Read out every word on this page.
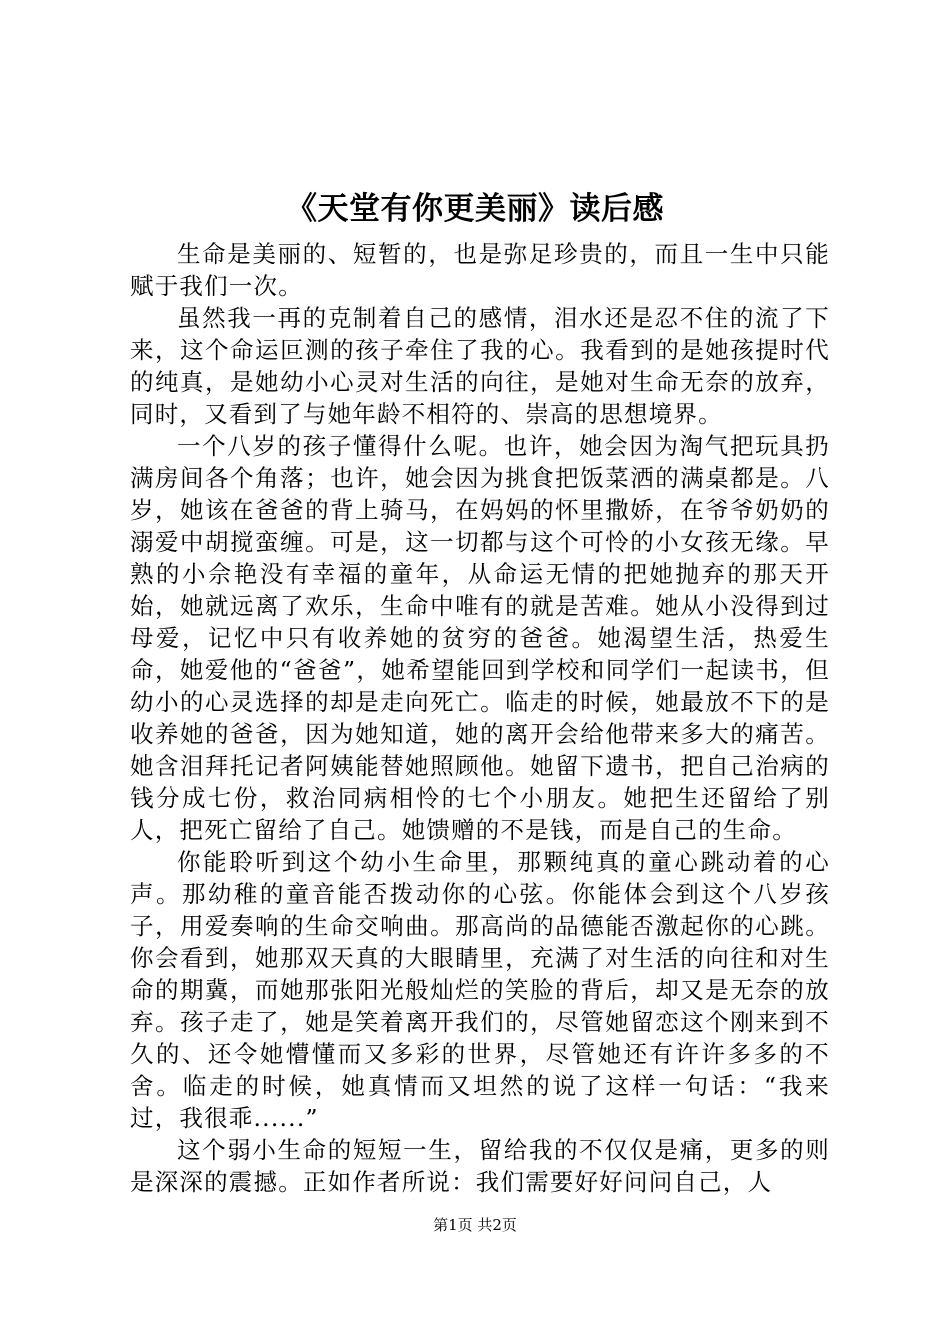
《天堂有你更美丽》读后感

生命是美丽的、短暂的，也是弥足珍贵的，而且一生中只能赋于我们一次。

虽然我一再的克制着自己的感情，泪水还是忍不住的流了下来，这个命运叵测的孩子牵住了我的心。我看到的是她孩提时代的纯真，是她幼小心灵对生活的向往，是她对生命无奈的放弃，同时，又看到了与她年龄不相符的、崇高的思想境界。

一个八岁的孩子懂得什么呢。也许，她会因为淘气把玩具扔满房间各个角落；也许，她会因为挑食把饭菜洒的满桌都是。八岁，她该在爸爸的背上骑马，在妈妈的怀里撒娇，在爷爷奶奶的溺爱中胡搅蛮缠。可是，这一切都与这个可怜的小女孩无缘。早熟的小佘艳没有幸福的童年，从命运无情的把她抛弃的那天开始，她就远离了欢乐，生命中唯有的就是苦难。她从小没得到过母爱，记忆中只有收养她的贫穷的爸爸。她渴望生活，热爱生命，她爱他的“爸爸”，她希望能回到学校和同学们一起读书，但幼小的心灵选择的却是走向死亡。临走的时候，她最放不下的是收养她的爸爸，因为她知道，她的离开会给他带来多大的痛苦。她含泪拜托记者阿姨能替她照顾他。她留下遗书，把自己治病的钱分成七份，救治同病相怜的七个小朋友。她把生还留给了别人，把死亡留给了自己。她馈赠的不是钱，而是自己的生命。

你能聆听到这个幼小生命里，那颗纯真的童心跳动着的心声。那幼稚的童音能否拨动你的心弦。你能体会到这个八岁孩子，用爱奏响的生命交响曲。那高尚的品德能否激起你的心跳。你会看到，她那双天真的大眼睛里，充满了对生活的向往和对生命的期冀，而她那张阳光般灿烂的笑脸的背后，却又是无奈的放弃。孩子走了，她是笑着离开我们的，尽管她留恋这个刚来到不久的、还令她懵懂而又多彩的世界，尽管她还有许许多多的不舍。临走的时候，她真情而又坦然的说了这样一句话：“我来过，我很乖......”

这个弱小生命的短短一生，留给我的不仅仅是痛，更多的则是深深的震撼。正如作者所说：我们需要好好问问自己，人

第1页 共2页
